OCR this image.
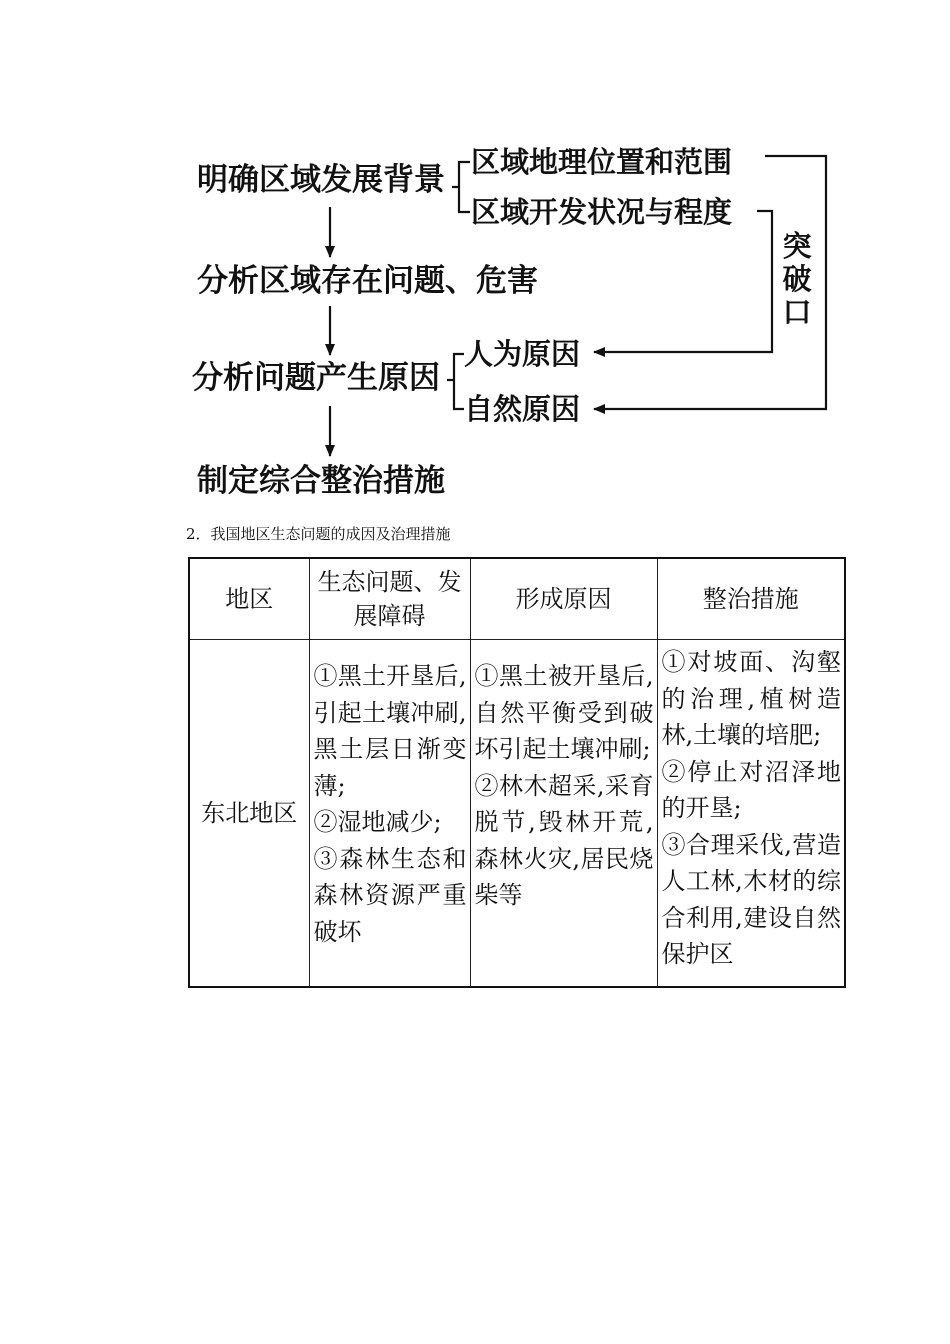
明确区域发展背景
分析区域存在问题、危害
分析问题产生原因
制定综合整治措施
区域地理位置和范围
区域开发状况与程度
人为原因
自然原因
突破口
2．我国地区生态问题的成因及治理措施
地区	生态问题、发展障碍	形成原因	整治措施
东北地区	①黑土开垦后,引起土壤冲刷,黑土层日渐变薄;
②湿地减少;
③森林生态和森林资源严重破坏	①黑土被开垦后,自然平衡受到破坏引起土壤冲刷;
②林木超采,采育脱节,毁林开荒,森林火灾,居民烧柴等	①对坡面、沟壑的治理,植树造林,土壤的培肥;
②停止对沼泽地的开垦;
③合理采伐,营造人工林,木材的综合利用,建设自然保护区
